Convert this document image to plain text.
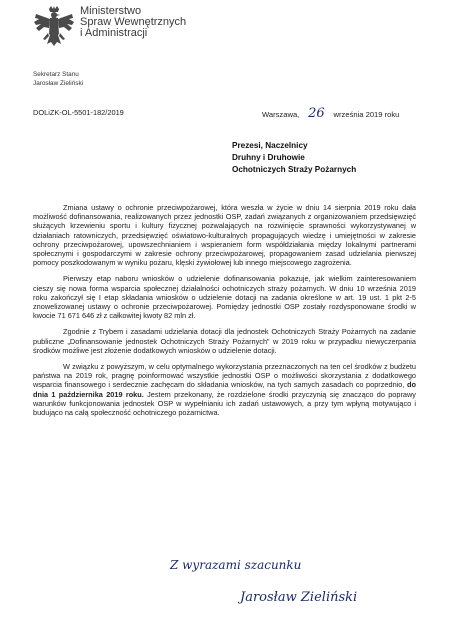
Ministerstwo
Spraw Wewnętrznych
i Administracji
Sekretarz Stanu
Jarosław Zieliński
DOLiZK-OL-5501-182/2019	Warszawa, 26 września 2019 roku
Prezesi, Naczelnicy
Druhny i Druhowie
Ochotniczych Straży Pożarnych

Zmiana ustawy o ochronie przeciwpożarowej, która weszła w życie w dniu 14 sierpnia 2019 roku dała możliwość dofinansowania, realizowanych przez jednostki OSP, zadań związanych z organizowaniem przedsięwzięć służących krzewieniu sportu i kultury fizycznej pozwalających na rozwinięcie sprawności wykorzystywanej w działaniach ratowniczych, przedsięwzięć oświatowo-kulturalnych propagujących wiedzę i umiejętności w zakresie ochrony przeciwpożarowej, upowszechnianiem i wspieraniem form współdziałania między lokalnymi partnerami społecznymi i gospodarczymi w zakresie ochrony przeciwpożarowej, propagowaniem zasad udzielania pierwszej pomocy poszkodowanym w wyniku pożaru, klęski żywiołowej lub innego miejscowego zagrożenia.

Pierwszy etap naboru wniosków o udzielenie dofinansowania pokazuje, jak wielkim zainteresowaniem cieszy się nowa forma wsparcia społecznej działalności ochotniczych straży pożarnych. W dniu 10 września 2019 roku zakończył się I etap składania wniosków o udzielenie dotacji na zadania określone w art. 19 ust. 1 pkt 2-5 znowelizowanej ustawy o ochronie przeciwpożarowej. Pomiędzy jednostki OSP zostały rozdysponowane środki w kwocie 71 671 646 zł z całkowitej kwoty 82 mln zł.

Zgodnie z Trybem i zasadami udzielania dotacji dla jednostek Ochotniczych Straży Pożarnych na zadanie publiczne „Dofinansowanie jednostek Ochotniczych Straży Pożarnych” w 2019 roku w przypadku niewyczerpania środków możliwe jest złożenie dodatkowych wniosków o udzielenie dotacji.

W związku z powyższym, w celu optymalnego wykorzystania przeznaczonych na ten cel środków z budżetu państwa na 2019 rok, pragnę poinformować wszystkie jednostki OSP o możliwości skorzystania z dodatkowego wsparcia finansowego i serdecznie zachęcam do składania wniosków, na tych samych zasadach co poprzednio, do dnia 1 października 2019 roku. Jestem przekonany, że rozdzielone środki przyczynią się znacząco do poprawy warunków funkcjonowania jednostek OSP w wypełnianiu ich zadań ustawowych, a przy tym wpłyną motywująco i budująco na całą społeczność ochotniczego pożarnictwa.

Z wyrazami szacunku
Jarosław Zieliński
